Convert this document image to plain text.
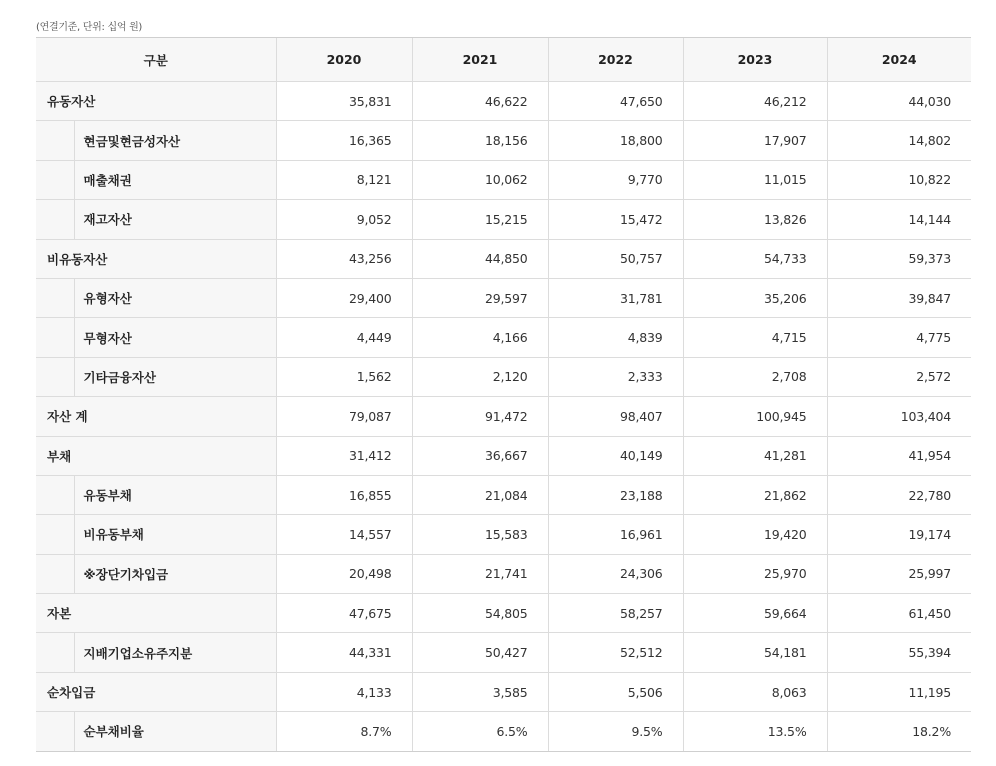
(연결기준, 단위: 십억 원)
구분		2020	2021	2022	2023	2024
유동자산		35,831	46,622	47,650	46,212	44,030
	현금및현금성자산	16,365	18,156	18,800	17,907	14,802
	매출채권	8,121	10,062	9,770	11,015	10,822
	재고자산	9,052	15,215	15,472	13,826	14,144
비유동자산		43,256	44,850	50,757	54,733	59,373
	유형자산	29,400	29,597	31,781	35,206	39,847
	무형자산	4,449	4,166	4,839	4,715	4,775
	기타금융자산	1,562	2,120	2,333	2,708	2,572
자산 계		79,087	91,472	98,407	100,945	103,404
부채		31,412	36,667	40,149	41,281	41,954
	유동부채	16,855	21,084	23,188	21,862	22,780
	비유동부채	14,557	15,583	16,961	19,420	19,174
	※장단기차입금	20,498	21,741	24,306	25,970	25,997
자본		47,675	54,805	58,257	59,664	61,450
	지배기업소유주지분	44,331	50,427	52,512	54,181	55,394
순차입금		4,133	3,585	5,506	8,063	11,195
	순부채비율	8.7%	6.5%	9.5%	13.5%	18.2%
